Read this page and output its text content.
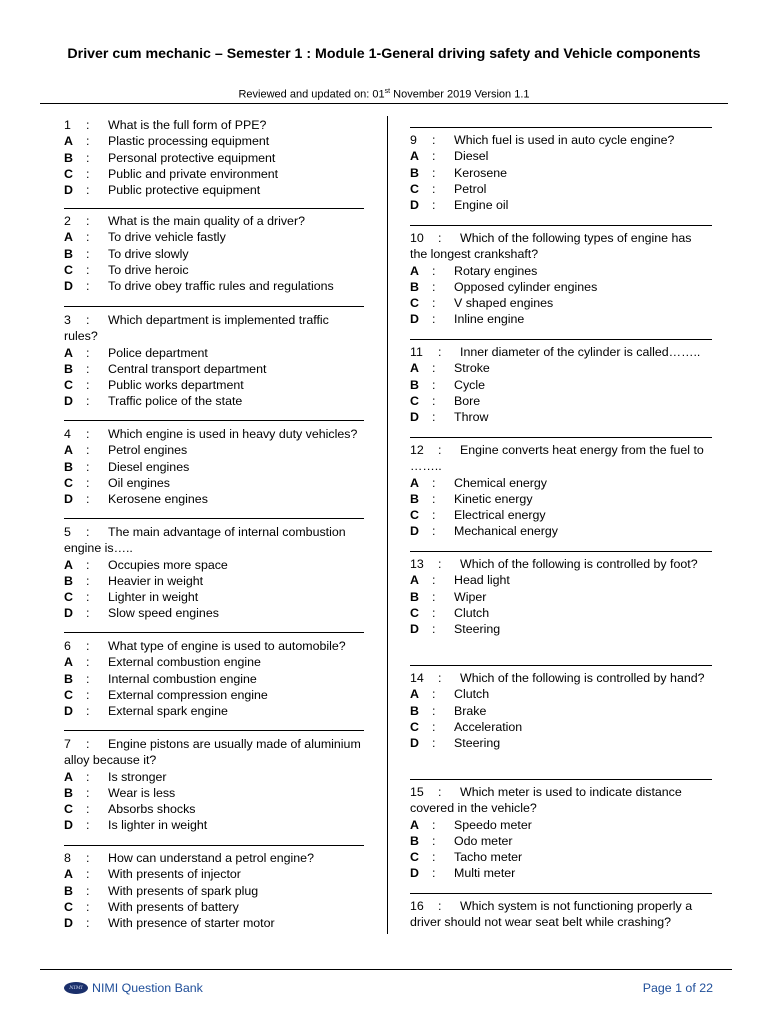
Driver cum mechanic – Semester 1 : Module 1-General driving safety and Vehicle components
Reviewed and updated on: 01st November 2019 Version 1.1
1 : What is the full form of PPE?
A : Plastic processing equipment
B : Personal protective equipment
C : Public and private environment
D : Public protective equipment
2 : What is the main quality of a driver?
A : To drive vehicle fastly
B : To drive slowly
C : To drive heroic
D : To drive obey traffic rules and regulations
3 : Which department is implemented traffic rules?
A : Police department
B : Central transport department
C : Public works department
D : Traffic police of the state
4 : Which engine is used in heavy duty vehicles?
A : Petrol engines
B : Diesel engines
C : Oil engines
D : Kerosene engines
5 : The main advantage of internal combustion engine is…..
A : Occupies more space
B : Heavier in weight
C : Lighter in weight
D : Slow speed engines
6 : What type of engine is used to automobile?
A : External combustion engine
B : Internal combustion engine
C : External compression engine
D : External spark engine
7 : Engine pistons are usually made of aluminium alloy because it?
A : Is stronger
B : Wear is less
C : Absorbs shocks
D : Is lighter in weight
8 : How can understand a petrol engine?
A : With presents of injector
B : With presents of spark plug
C : With presents of battery
D : With presence of starter motor
9 : Which fuel is used in auto cycle engine?
A : Diesel
B : Kerosene
C : Petrol
D : Engine oil
10 : Which of the following types of engine has the longest crankshaft?
A : Rotary engines
B : Opposed cylinder engines
C : V shaped engines
D : Inline engine
11 : Inner diameter of the cylinder is called……..
A : Stroke
B : Cycle
C : Bore
D : Throw
12 : Engine converts heat energy from the fuel to ……..
A : Chemical energy
B : Kinetic energy
C : Electrical energy
D : Mechanical energy
13 : Which of the following is controlled by foot?
A : Head light
B : Wiper
C : Clutch
D : Steering
14 : Which of the following is controlled by hand?
A : Clutch
B : Brake
C : Acceleration
D : Steering
15 : Which meter is used to indicate distance covered in the vehicle?
A : Speedo meter
B : Odo meter
C : Tacho meter
D : Multi meter
16 : Which system is not functioning properly a driver should not wear seat belt while crashing?
NIMI NIMI Question Bank	Page 1 of 22
